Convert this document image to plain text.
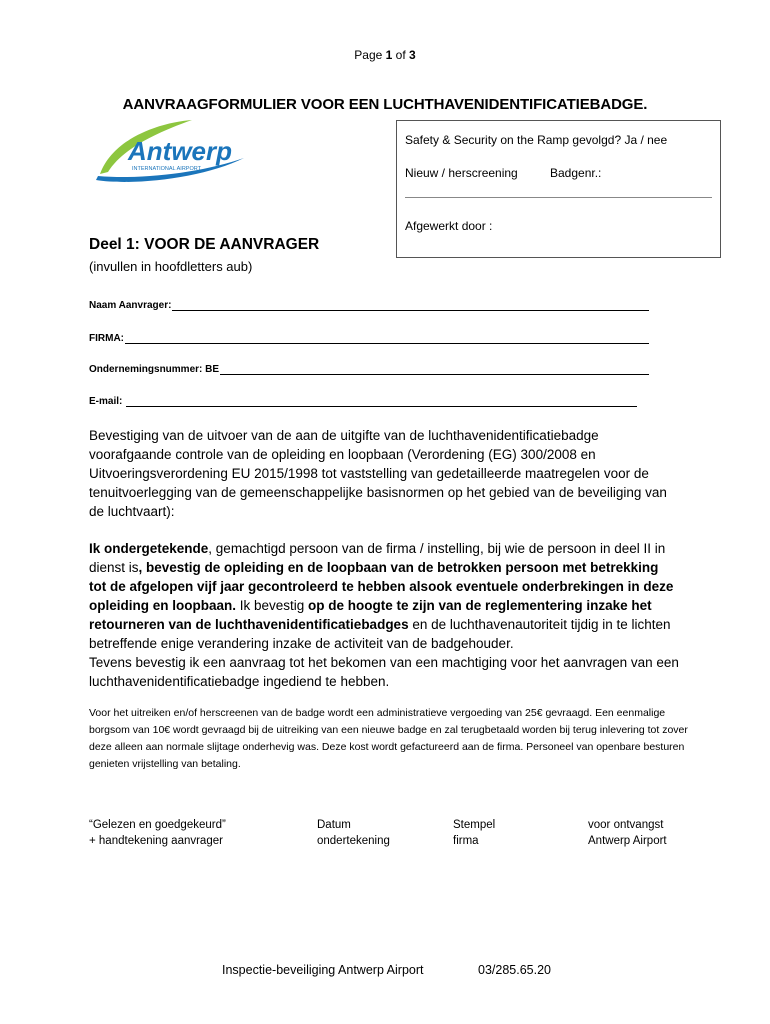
Page 1 of 3
AANVRAAGFORMULIER VOOR EEN LUCHTHAVENIDENTIFICATIEBADGE.
Antwerp
INTERNATIONAL AIRPORT
Safety & Security on the Ramp gevolgd? Ja / nee
Nieuw / herscreening	Badgenr.:
Afgewerkt door :
Deel 1: VOOR DE AANVRAGER
(invullen in hoofdletters aub)
Naam Aanvrager:
FIRMA:
Ondernemingsnummer: BE
E-mail:
Bevestiging van de uitvoer van de aan de uitgifte van de luchthavenidentificatiebadge voorafgaande controle van de opleiding en loopbaan (Verordening (EG) 300/2008 en Uitvoeringsverordening EU 2015/1998 tot vaststelling van gedetailleerde maatregelen voor de tenuitvoerlegging van de gemeenschappelijke basisnormen op het gebied van de beveiliging van de luchtvaart):
Ik ondergetekende, gemachtigd persoon van de firma / instelling, bij wie de persoon in deel II in dienst is, bevestig de opleiding en de loopbaan van de betrokken persoon met betrekking tot de afgelopen vijf jaar gecontroleerd te hebben alsook eventuele onderbrekingen in deze opleiding en loopbaan. Ik bevestig op de hoogte te zijn van de reglementering inzake het retourneren van de luchthavenidentificatiebadges en de luchthavenautoriteit tijdig in te lichten betreffende enige verandering inzake de activiteit van de badgehouder.
Tevens bevestig ik een aanvraag tot het bekomen van een machtiging voor het aanvragen van een luchthavenidentificatiebadge ingediend te hebben.
Voor het uitreiken en/of herscreenen van de badge wordt een administratieve vergoeding van 25€ gevraagd. Een eenmalige borgsom van 10€ wordt gevraagd bij de uitreiking van een nieuwe badge en zal terugbetaald worden bij terug inlevering tot zover deze alleen aan normale slijtage onderhevig was. Deze kost wordt gefactureerd aan de firma. Personeel van openbare besturen genieten vrijstelling van betaling.
“Gelezen en goedgekeurd”
+ handtekening aanvrager
Datum
ondertekening
Stempel
firma
voor ontvangst
Antwerp Airport
Inspectie-beveiliging Antwerp Airport	03/285.65.20
